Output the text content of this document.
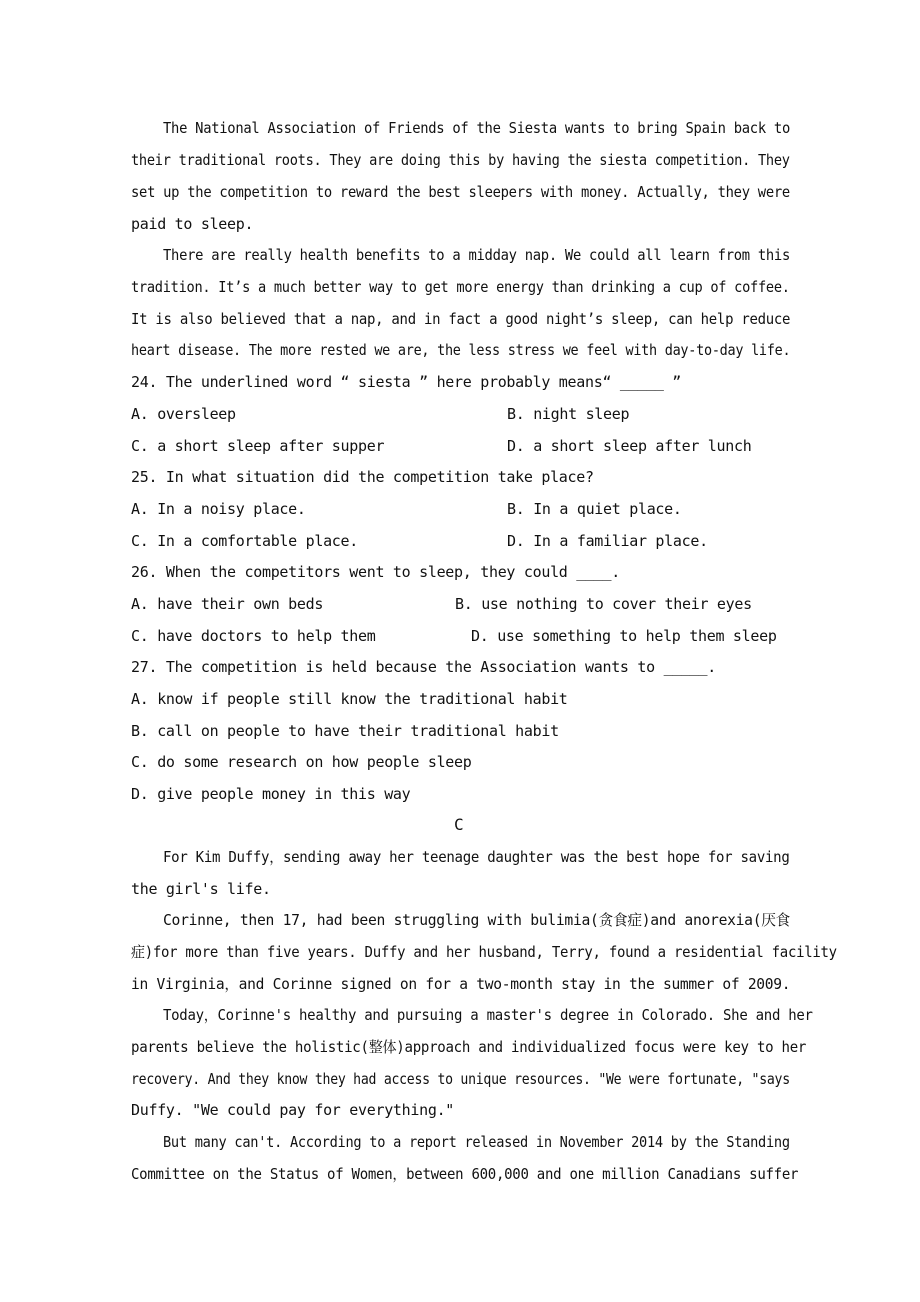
The National Association of Friends of the Siesta wants to bring Spain back to
their traditional roots. They are doing this by having the siesta competition. They
set up the competition to reward the best sleepers with money. Actually, they were
paid to sleep.
There are really health benefits to a midday nap. We could all learn from this
tradition. It’s a much better way to get more energy than drinking a cup of coffee.
It is also believed that a nap, and in fact a good night’s sleep, can help reduce
heart disease. The more rested we are, the less stress we feel with day-to-day life.
24. The underlined word “ siesta ” here probably means“ _____ ”
A. oversleep	B. night sleep
C. a short sleep after supper	D. a short sleep after lunch
25. In what situation did the competition take place?
A. In a noisy place.	B. In a quiet place.
C. In a comfortable place.	D. In a familiar place.
26. When the competitors went to sleep, they could ____.
A. have their own beds	B. use nothing to cover their eyes
C. have doctors to help them	D. use something to help them sleep
27. The competition is held because the Association wants to _____.
A. know if people still know the traditional habit
B. call on people to have their traditional habit
C. do some research on how people sleep
D. give people money in this way
C
For Kim Duffy，sending away her teenage daughter was the best hope for saving
the girl's life.
Corinne, then 17, had been struggling with bulimia(贪食症)and anorexia(厌食
症)for more than five years. Duffy and her husband, Terry, found a residential facility
in Virginia，and Corinne signed on for a two-month stay in the summer of 2009.
Today，Corinne's healthy and pursuing a master's degree in Colorado. She and her
parents believe the holistic(整体)approach and individualized focus were key to her
recovery. And they know they had access to unique resources. "We were fortunate, "says
Duffy. "We could pay for everything."
But many can't. According to a report released in November 2014 by the Standing
Committee on the Status of Women，between 600,000 and one million Canadians suffer
